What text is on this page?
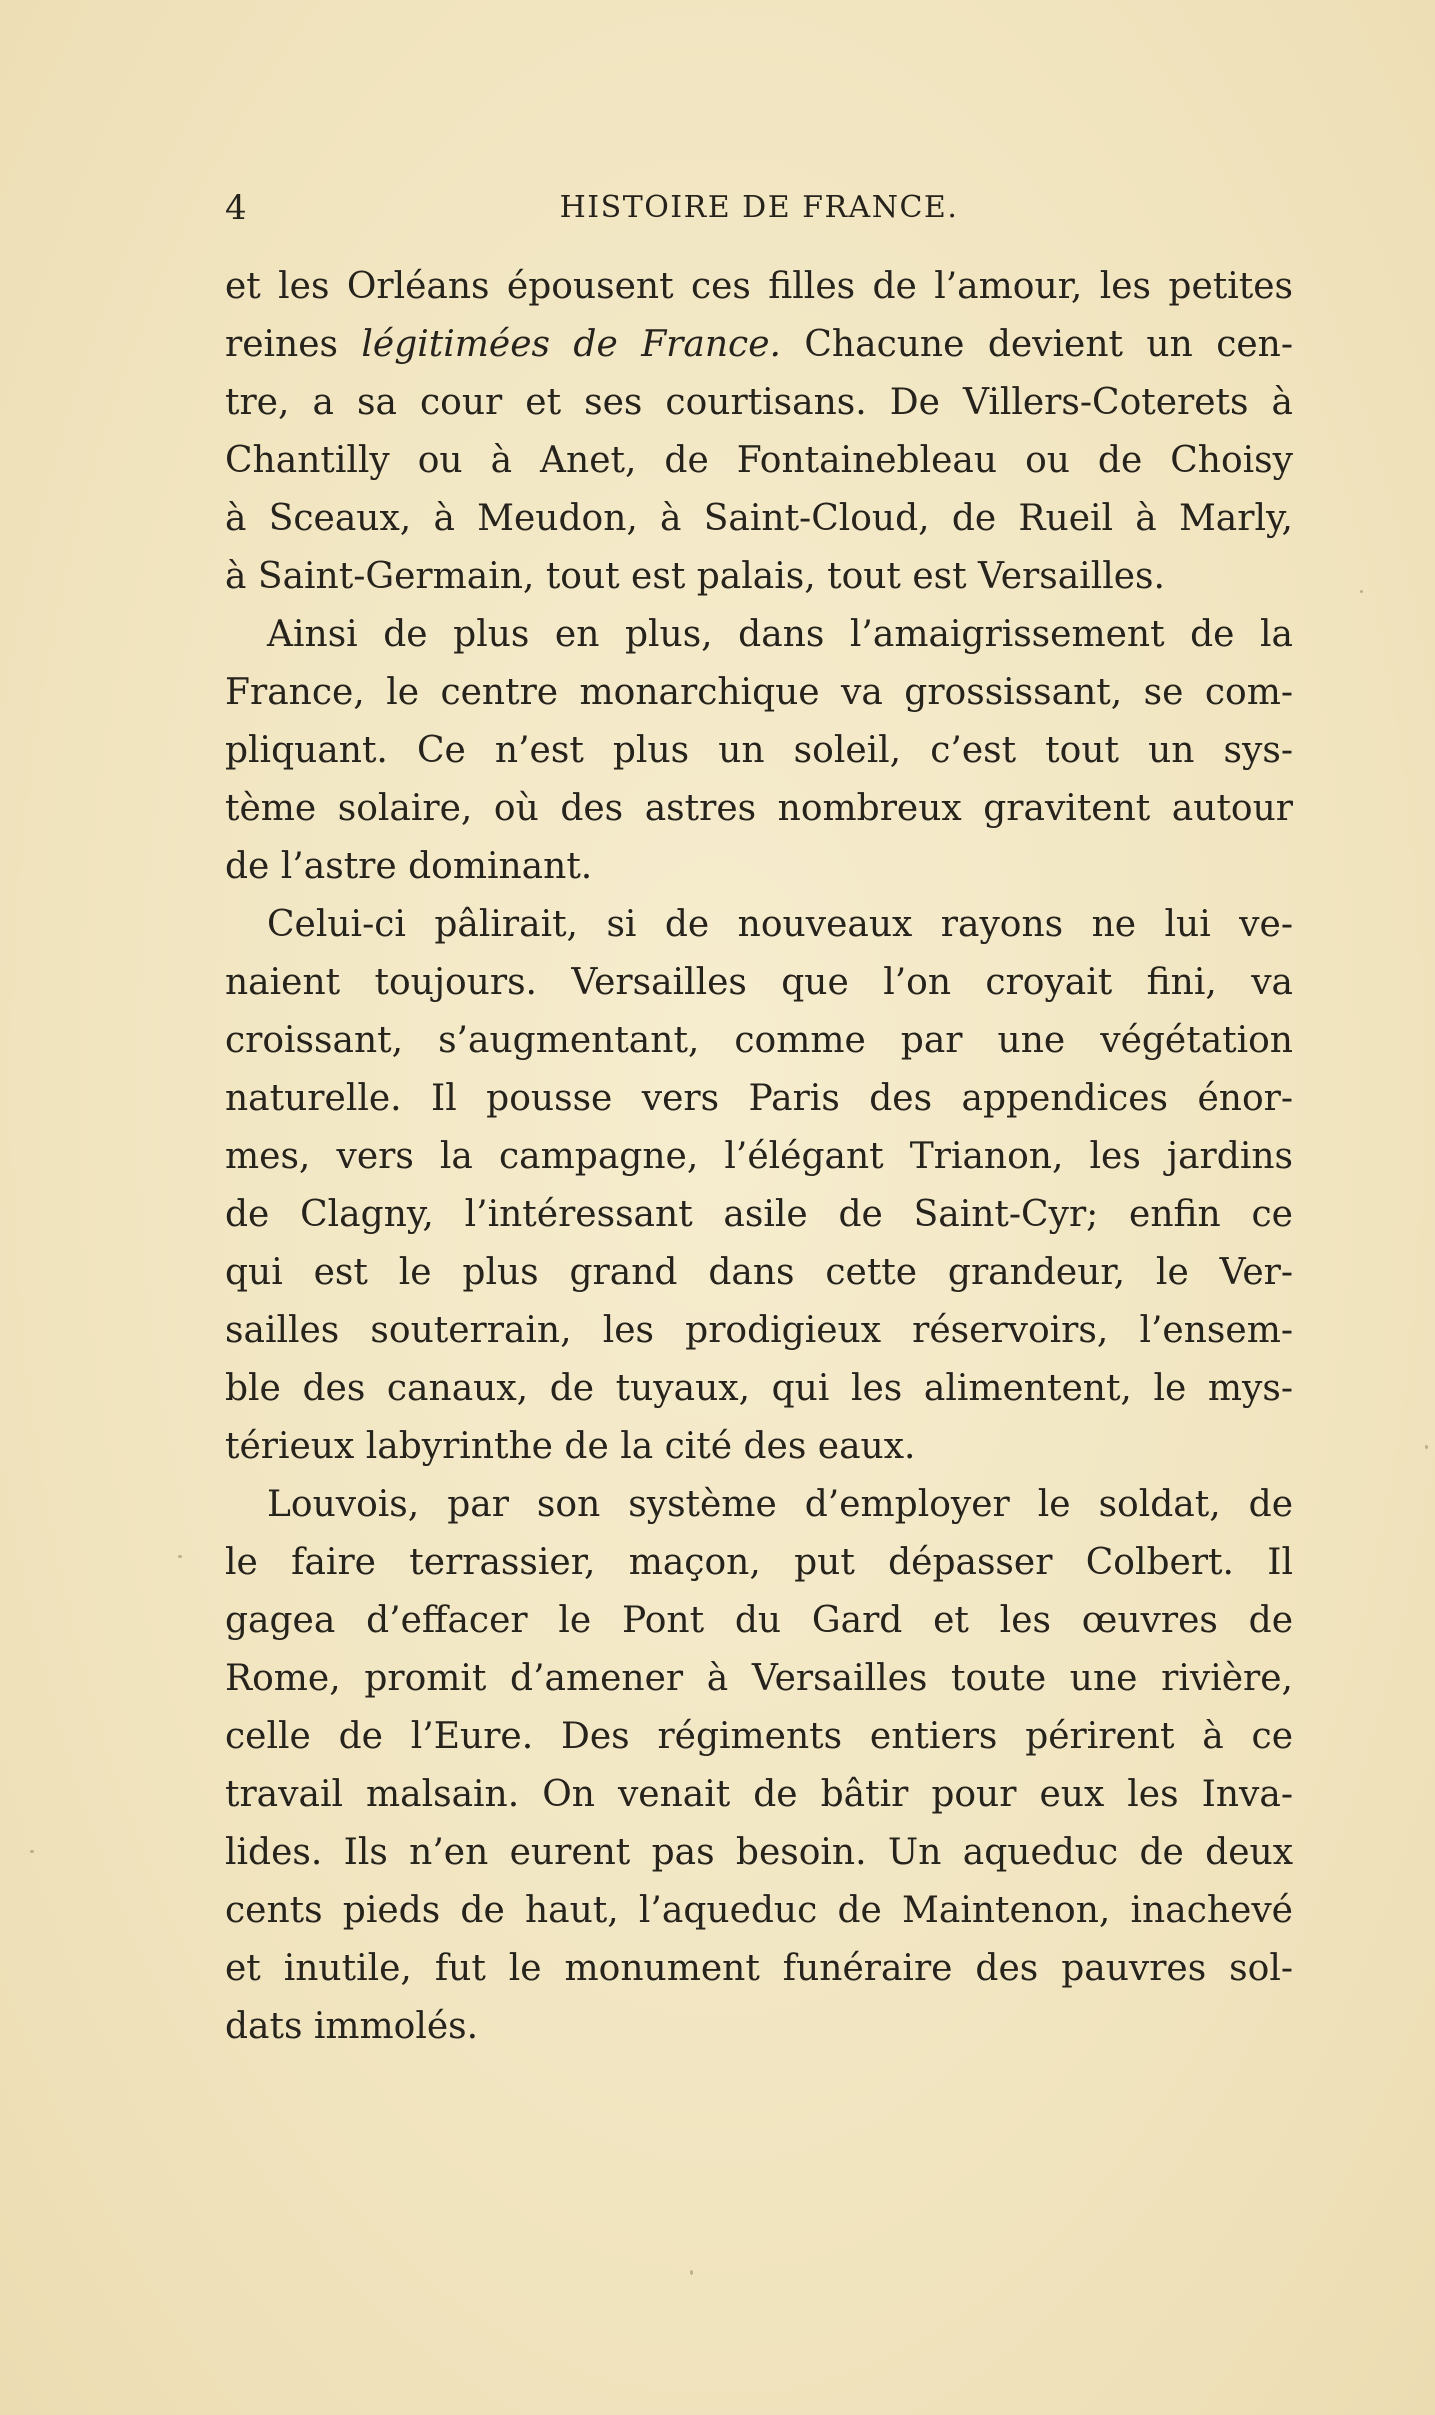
4	HISTOIRE DE FRANCE.
et les Orléans épousent ces filles de l’amour, les petites
reines légitimées de France. Chacune devient un cen-
tre, a sa cour et ses courtisans. De Villers-Coterets à
Chantilly ou à Anet, de Fontainebleau ou de Choisy
à Sceaux, à Meudon, à Saint-Cloud, de Rueil à Marly,
à Saint-Germain, tout est palais, tout est Versailles.
Ainsi de plus en plus, dans l’amaigrissement de la
France, le centre monarchique va grossissant, se com-
pliquant. Ce n’est plus un soleil, c’est tout un sys-
tème solaire, où des astres nombreux gravitent autour
de l’astre dominant.
Celui-ci pâlirait, si de nouveaux rayons ne lui ve-
naient toujours. Versailles que l’on croyait fini, va
croissant, s’augmentant, comme par une végétation
naturelle. Il pousse vers Paris des appendices énor-
mes, vers la campagne, l’élégant Trianon, les jardins
de Clagny, l’intéressant asile de Saint-Cyr; enfin ce
qui est le plus grand dans cette grandeur, le Ver-
sailles souterrain, les prodigieux réservoirs, l’ensem-
ble des canaux, de tuyaux, qui les alimentent, le mys-
térieux labyrinthe de la cité des eaux.
Louvois, par son système d’employer le soldat, de
le faire terrassier, maçon, put dépasser Colbert. Il
gagea d’effacer le Pont du Gard et les œuvres de
Rome, promit d’amener à Versailles toute une rivière,
celle de l’Eure. Des régiments entiers périrent à ce
travail malsain. On venait de bâtir pour eux les Inva-
lides. Ils n’en eurent pas besoin. Un aqueduc de deux
cents pieds de haut, l’aqueduc de Maintenon, inachevé
et inutile, fut le monument funéraire des pauvres sol-
dats immolés.
